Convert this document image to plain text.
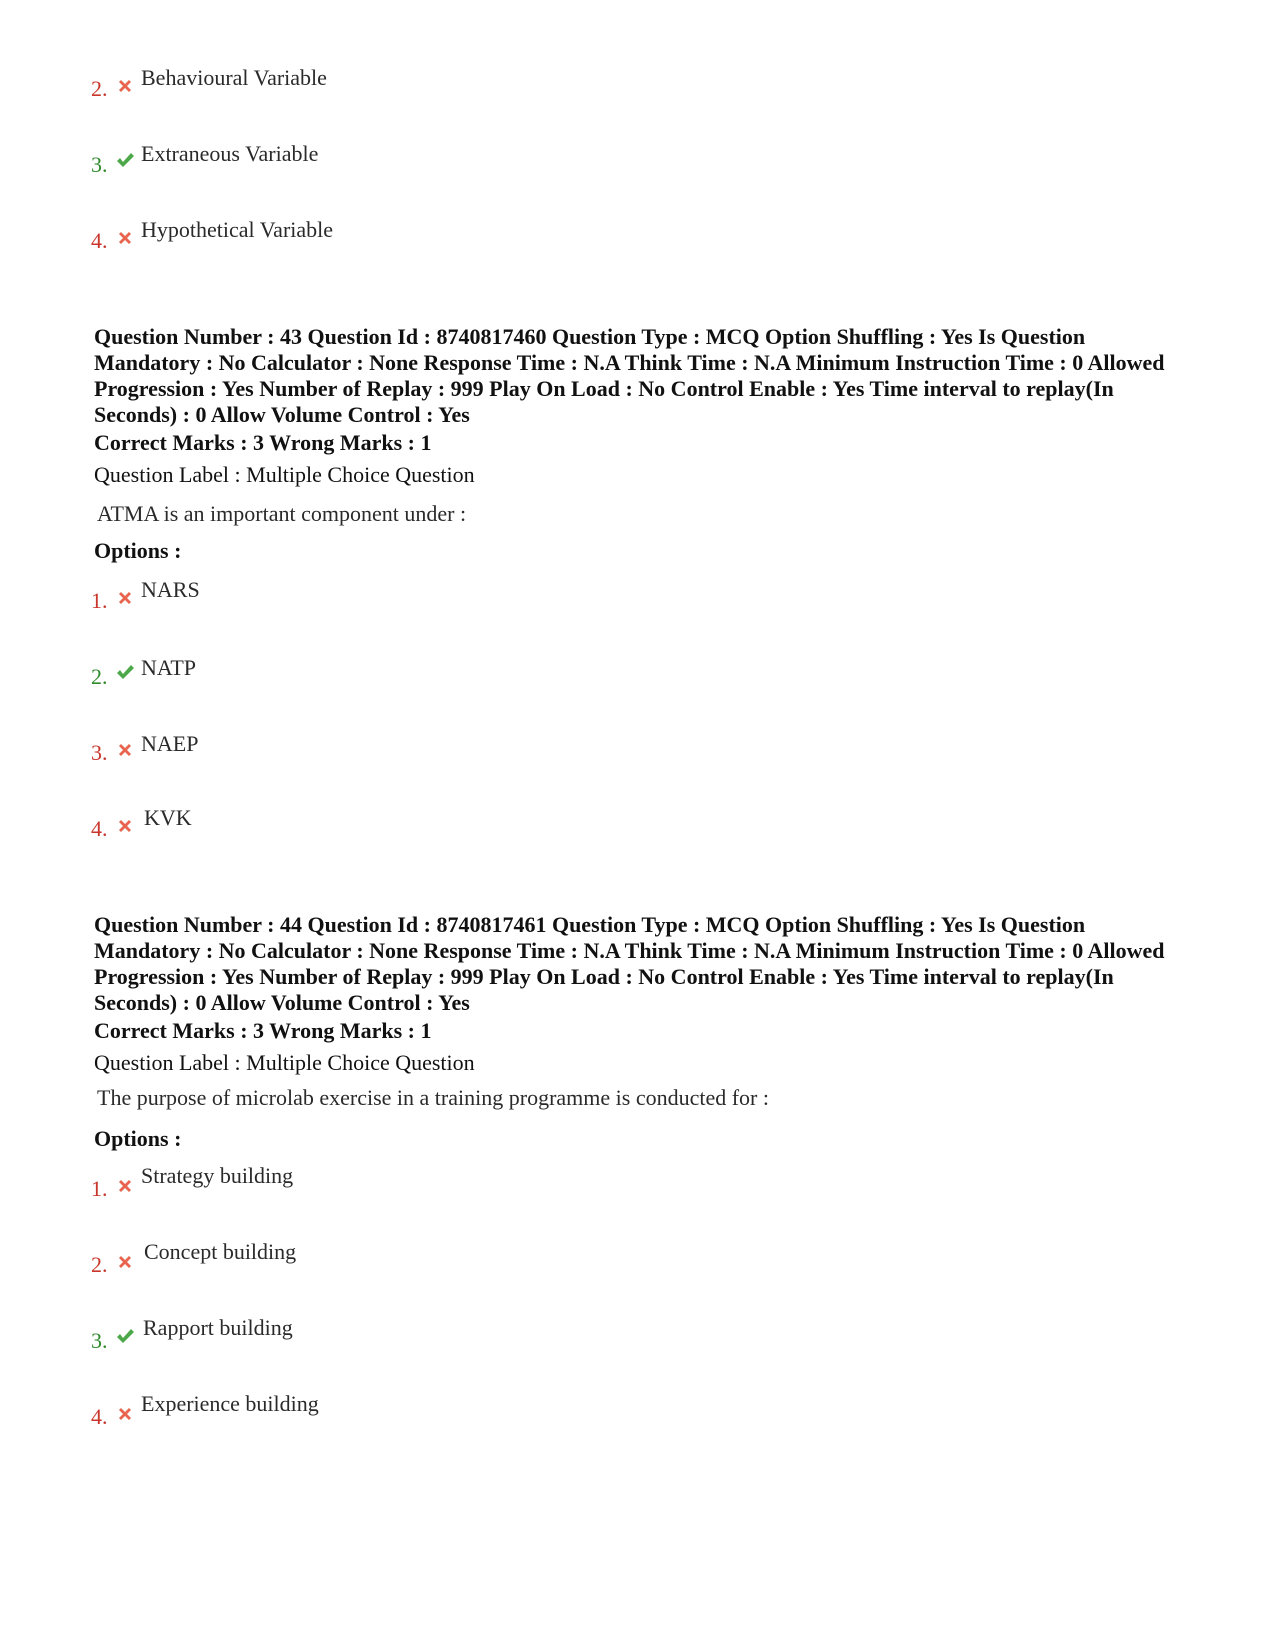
2. Behavioural Variable
3. Extraneous Variable
4. Hypothetical Variable

Question Number : 43 Question Id : 8740817460 Question Type : MCQ Option Shuffling : Yes Is Question Mandatory : No Calculator : None Response Time : N.A Think Time : N.A Minimum Instruction Time : 0 Allowed Progression : Yes Number of Replay : 999 Play On Load : No Control Enable : Yes Time interval to replay(In Seconds) : 0 Allow Volume Control : Yes

Correct Marks : 3 Wrong Marks : 1
Question Label : Multiple Choice Question
ATMA is an important component under :
Options :
1. NARS
2. NATP
3. NAEP
4. KVK

Question Number : 44 Question Id : 8740817461 Question Type : MCQ Option Shuffling : Yes Is Question Mandatory : No Calculator : None Response Time : N.A Think Time : N.A Minimum Instruction Time : 0 Allowed Progression : Yes Number of Replay : 999 Play On Load : No Control Enable : Yes Time interval to replay(In Seconds) : 0 Allow Volume Control : Yes

Correct Marks : 3 Wrong Marks : 1
Question Label : Multiple Choice Question
The purpose of microlab exercise in a training programme is conducted for :
Options :
1.
Strategy building
2.
Concept building
3.
Rapport building
4.
Experience building
